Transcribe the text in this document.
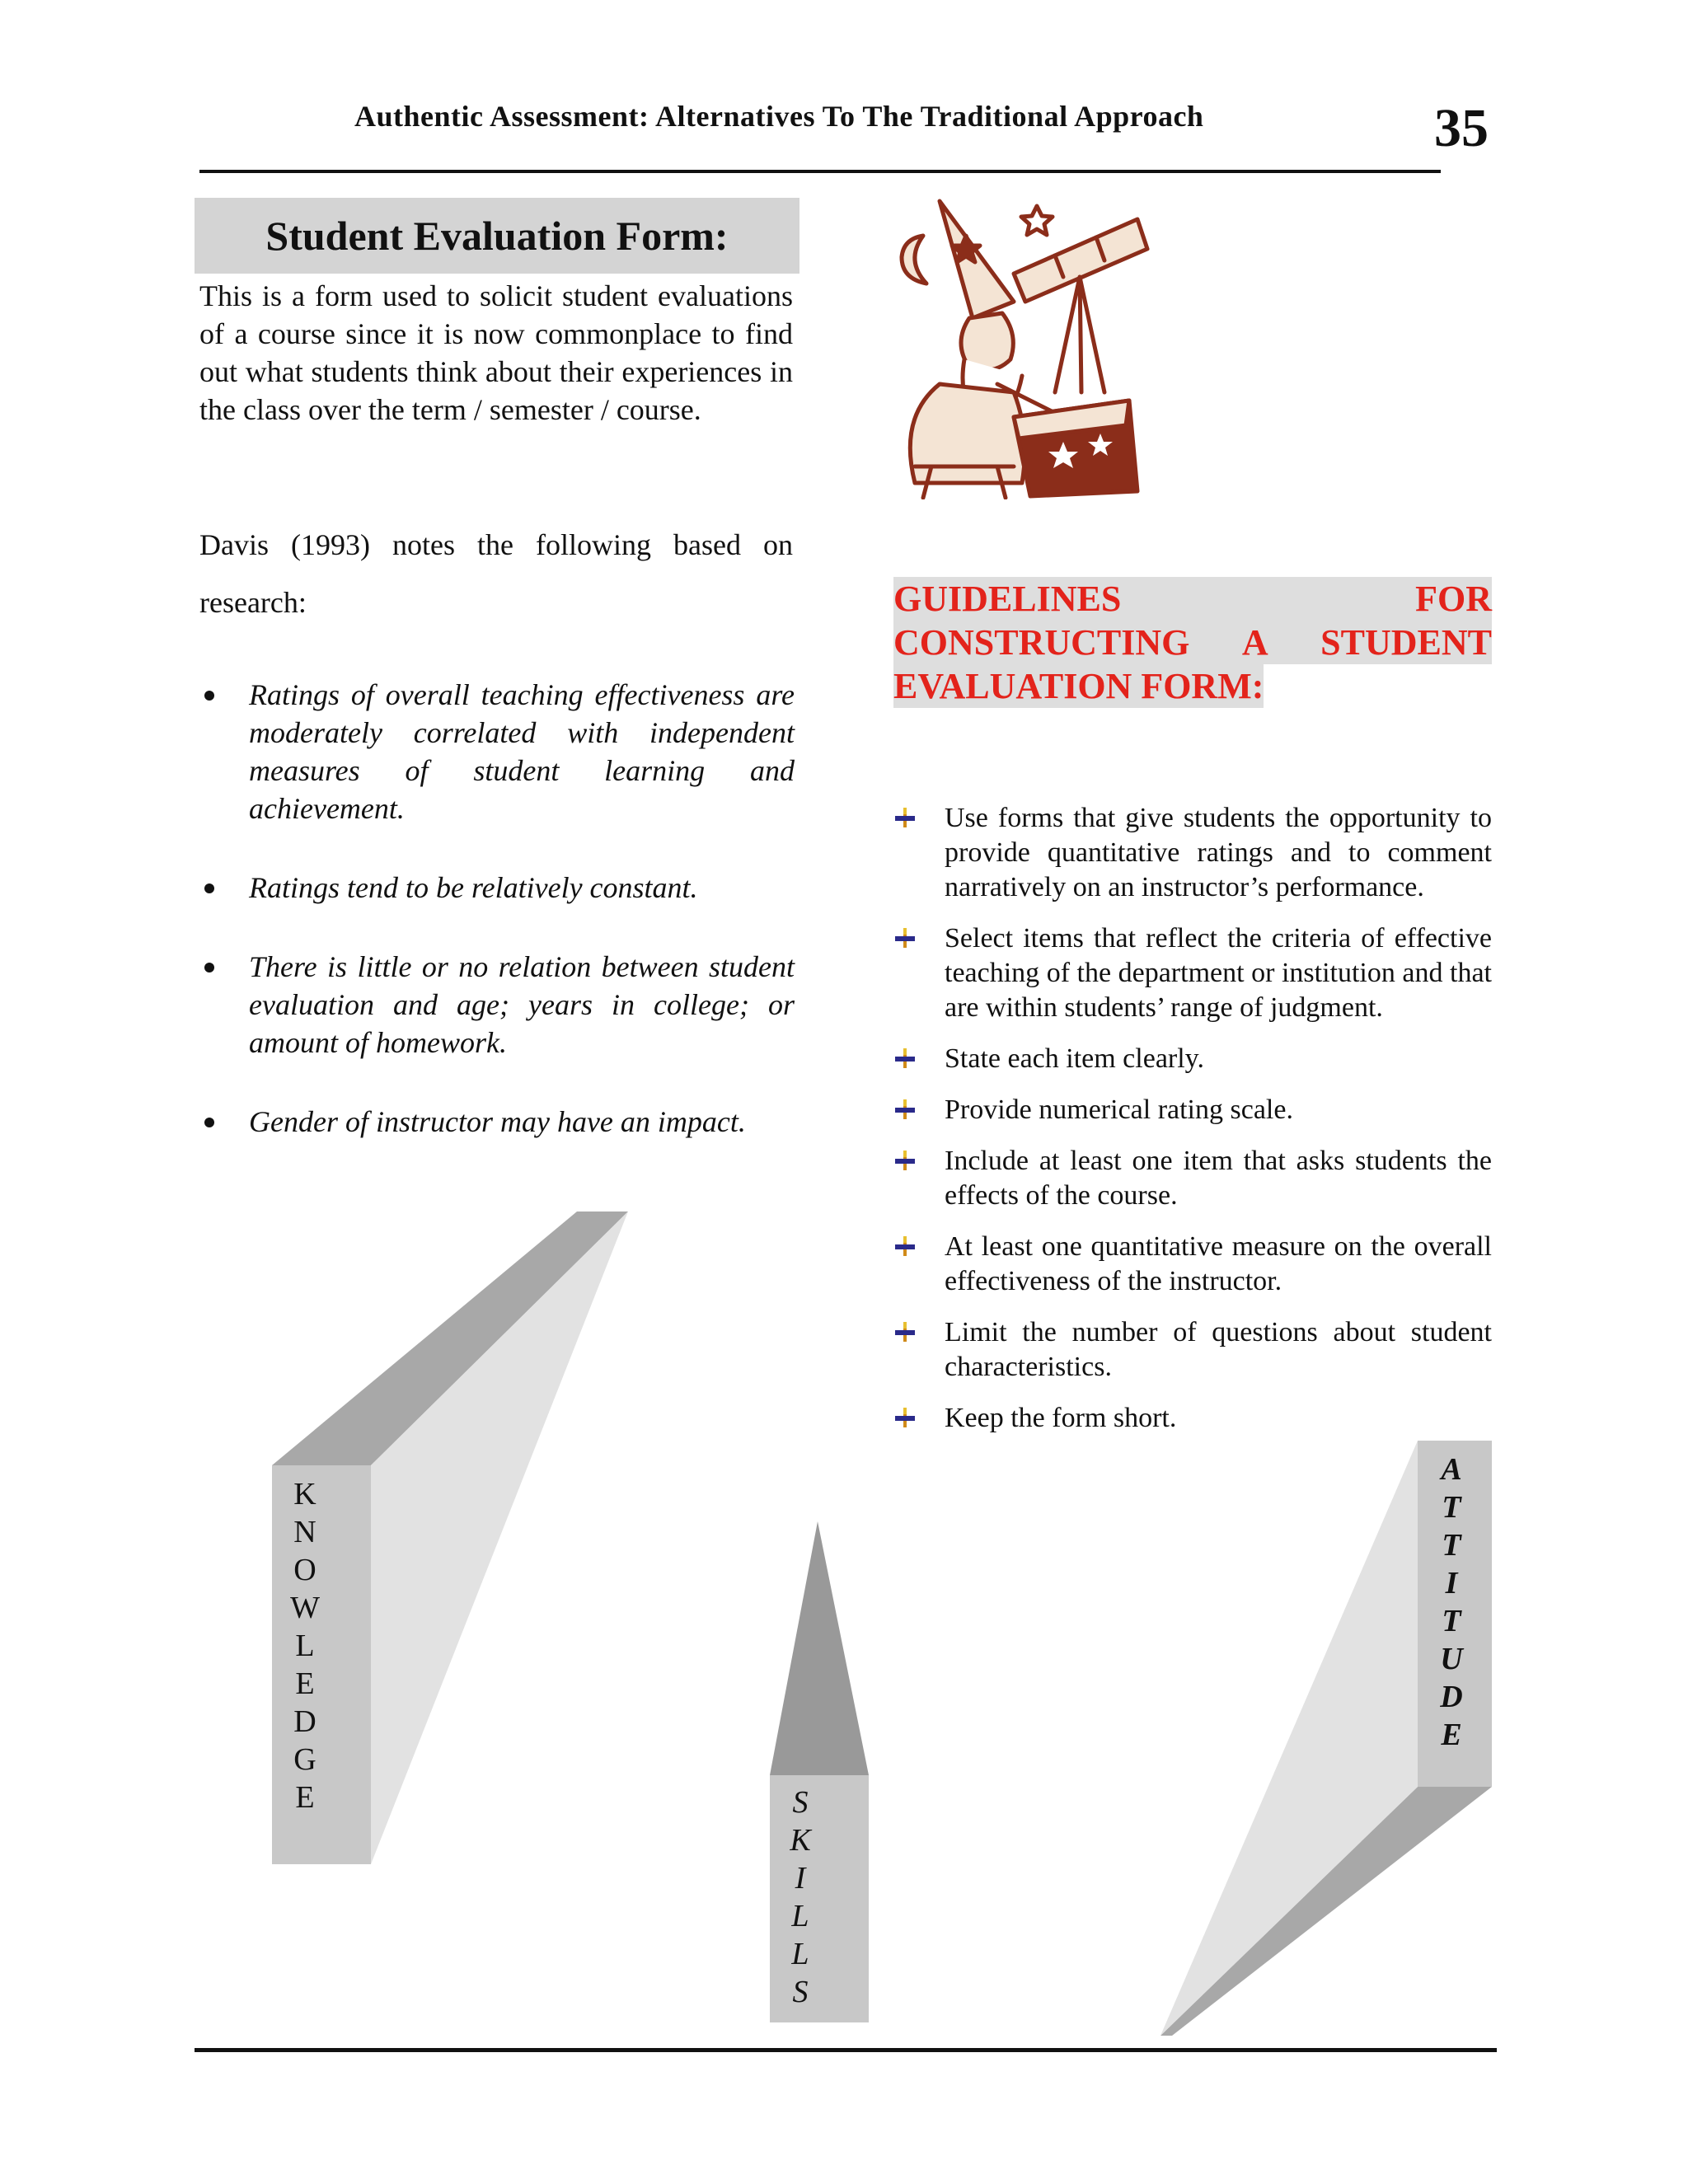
Authentic Assessment: Alternatives To The Traditional Approach	35
Student Evaluation Form:
This is a form used to solicit student evaluations of a course since it is now commonplace to find out what students think about their experiences in the class over the term / semester / course.
Davis (1993) notes the following based on research:
Ratings of overall teaching effectiveness are moderately correlated with independent measures of student learning and achievement.
Ratings tend to be relatively constant.
There is little or no relation between student evaluation and age; years in college; or amount of homework.
Gender of instructor may have an impact.
GUIDELINES	FOR
CONSTRUCTING A STUDENT
EVALUATION FORM:
Use forms that give students the opportunity to provide quantitative ratings and to comment narratively on an instructor’s performance.
Select items that reflect the criteria of effective teaching of the department or institution and that are within students’ range of judgment.
State each item clearly.
Provide numerical rating scale.
Include at least one item that asks students the effects of the course.
At least one quantitative measure on the overall effectiveness of the instructor.
Limit the number of questions about student characteristics.
Keep the form short.
K
N
O
W
L
E
D
G
E	S
K
I
L
L
S
A
T
T
I
T
U
D
E
